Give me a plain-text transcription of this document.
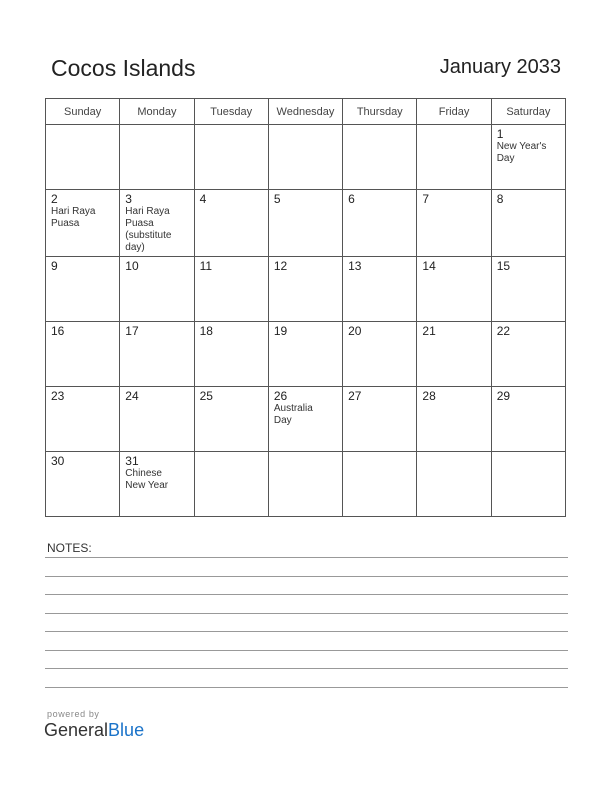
Cocos Islands	January 2033
Sunday	Monday	Tuesday	Wednesday	Thursday	Friday	Saturday

						1
New Year's
Day

2
Hari Raya
Puasa	3
Hari Raya
Puasa
(substitute
day)	4	5	6	7	8

9	10	11	12	13	14	15

16	17	18	19	20	21	22

23	24	25	26
Australia
Day	27	28	29

30	31
Chinese
New Year					

NOTES:
powered by
GeneralBlue
